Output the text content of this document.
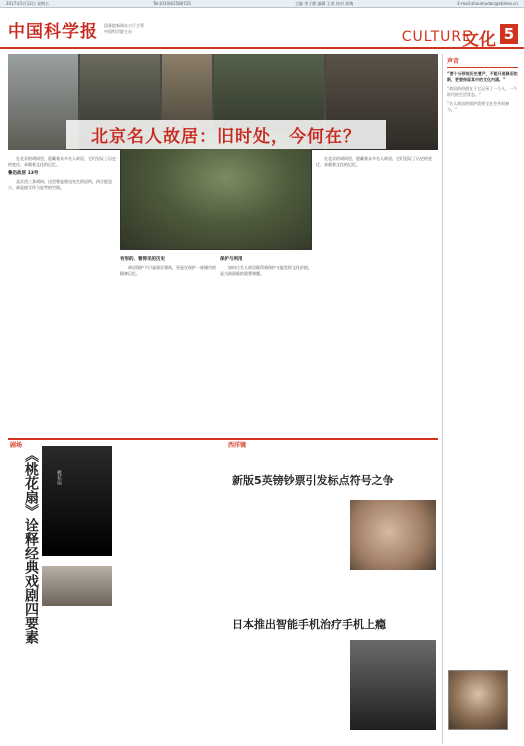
2017年5月12日 星期五	Tel:(010)62580725	主编 李子健 编辑 王岚 校对 郭梅	E-mail:shoumudan@stimes.cn
中国科学报 国务院新闻办公厅主管
中国科学院主办	CULTURE
文化 5
北京名人故居：旧时处，今何在？

在北京的胡同里，隐藏着众多名人故居，它们见证了历史的变迁，承载着文化的记忆。

鲁迅故居 13号

北京西三条胡同，这里曾是鲁迅先生的居所，四合院虽小，却是他写作与思考的空间。

有形的、看得见的历史

故居保护不只是保存建筑，更是在保护一座城市的精神记忆。

保护与利用

如何让名人故居既得到保护又能发挥文化价值，是当前面临的重要课题。

在北京的胡同里，隐藏着众多名人故居，它们见证了历史的变迁，承载着文化的记忆。

声音
“要十分珍视历史遗产，不能只是修旧如新，更要保留其中的文化内涵。”
“故居的价值在于它记录了一个人、一个时代的生活状态。”
“名人故居的保护需要全社会共同参与。”
剧场
《桃花扇》诠释经典戏剧四要素	桃花扇
西洋镜
新版5英镑钞票引发标点符号之争
日本推出智能手机治疗手机上瘾
